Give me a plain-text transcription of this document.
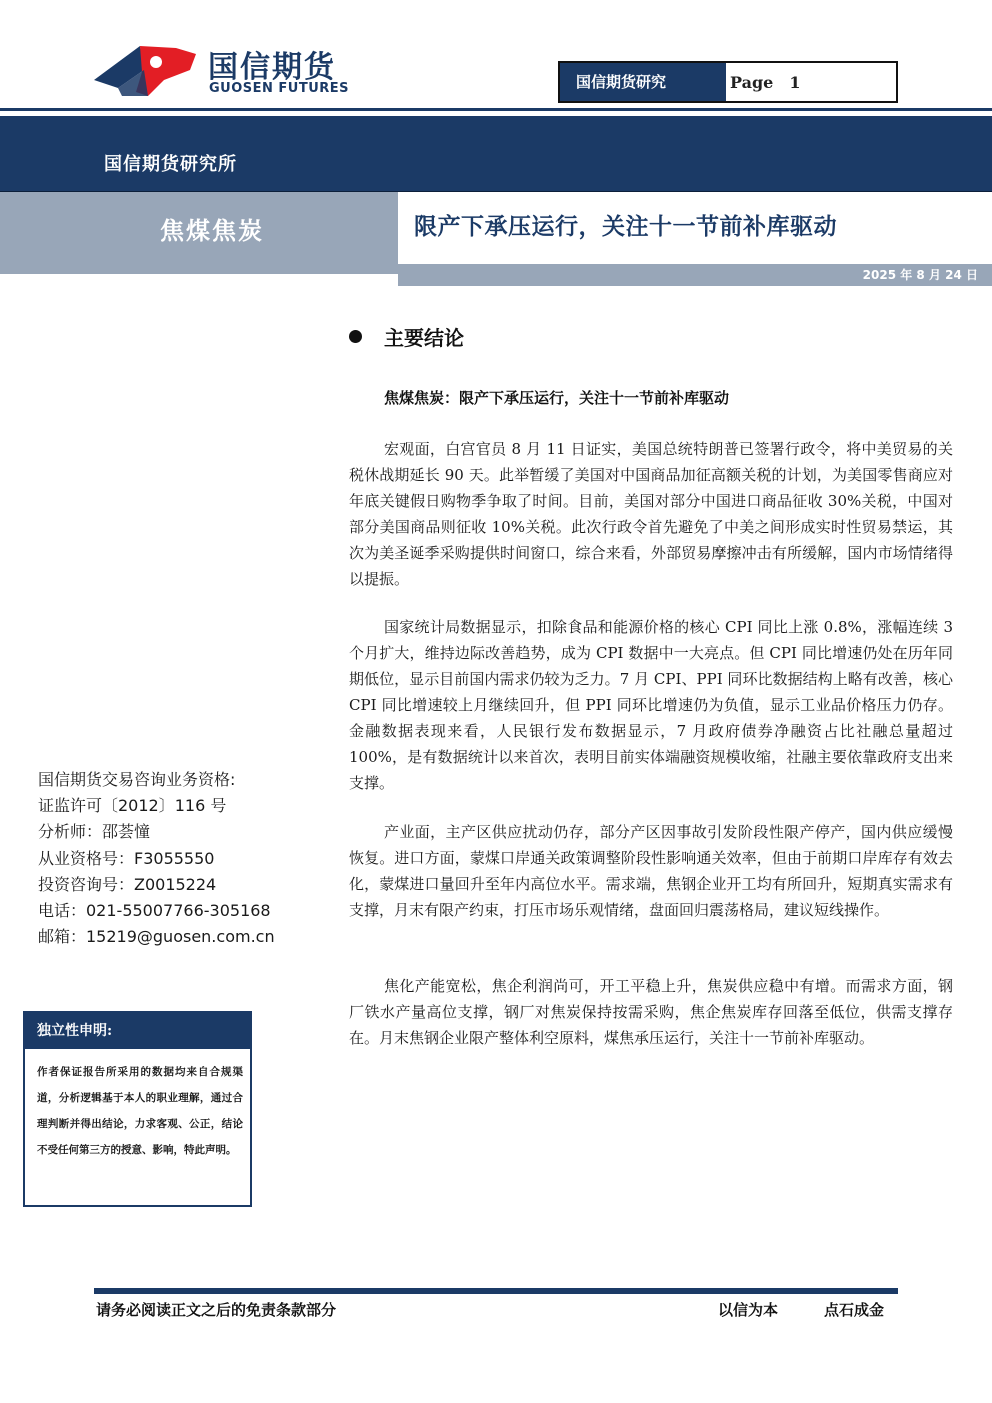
国信期货
GUOSEN FUTURES	国信期货研究	Page　1
国信期货研究所
焦煤焦炭	限产下承压运行，关注十一节前补库驱动
2025 年 8 月 24 日
主要结论
焦煤焦炭：限产下承压运行，关注十一节前补库驱动

宏观面，白宫官员 8 月 11 日证实，美国总统特朗普已签署行政令，将中美贸易的关税休战期延长 90 天。此举暂缓了美国对中国商品加征高额关税的计划，为美国零售商应对年底关键假日购物季争取了时间。目前，美国对部分中国进口商品征收 30%关税，中国对部分美国商品则征收 10%关税。此次行政令首先避免了中美之间形成实时性贸易禁运，其次为美圣诞季采购提供时间窗口，综合来看，外部贸易摩擦冲击有所缓解，国内市场情绪得以提振。

国家统计局数据显示，扣除食品和能源价格的核心 CPI 同比上涨 0.8%，涨幅连续 3 个月扩大，维持边际改善趋势，成为 CPI 数据中一大亮点。但 CPI 同比增速仍处在历年同期低位，显示目前国内需求仍较为乏力。7 月 CPI、PPI 同环比数据结构上略有改善，核心 CPI 同比增速较上月继续回升，但 PPI 同环比增速仍为负值，显示工业品价格压力仍存。金融数据表现来看，人民银行发布数据显示，7 月政府债券净融资占比社融总量超过 100%，是有数据统计以来首次，表明目前实体端融资规模收缩，社融主要依靠政府支出来支撑。

产业面，主产区供应扰动仍存，部分产区因事故引发阶段性限产停产，国内供应缓慢恢复。进口方面，蒙煤口岸通关政策调整阶段性影响通关效率，但由于前期口岸库存有效去化，蒙煤进口量回升至年内高位水平。需求端，焦钢企业开工均有所回升，短期真实需求有支撑，月末有限产约束，打压市场乐观情绪，盘面回归震荡格局，建议短线操作。

焦化产能宽松，焦企利润尚可，开工平稳上升，焦炭供应稳中有增。而需求方面，钢厂铁水产量高位支撑，钢厂对焦炭保持按需采购，焦企焦炭库存回落至低位，供需支撑存在。月末焦钢企业限产整体利空原料，煤焦承压运行，关注十一节前补库驱动。

国信期货交易咨询业务资格:
证监许可〔2012〕116 号
分析师：邵荟憧
从业资格号：F3055550
投资咨询号：Z0015224
电话：021-55007766-305168
邮箱：15219@guosen.com.cn
独立性申明:
作者保证报告所采用的数据均来自合规渠道，分析逻辑基于本人的职业理解，通过合理判断并得出结论，力求客观、公正，结论不受任何第三方的授意、影响，特此声明。
请务必阅读正文之后的免责条款部分	以信为本	点石成金
